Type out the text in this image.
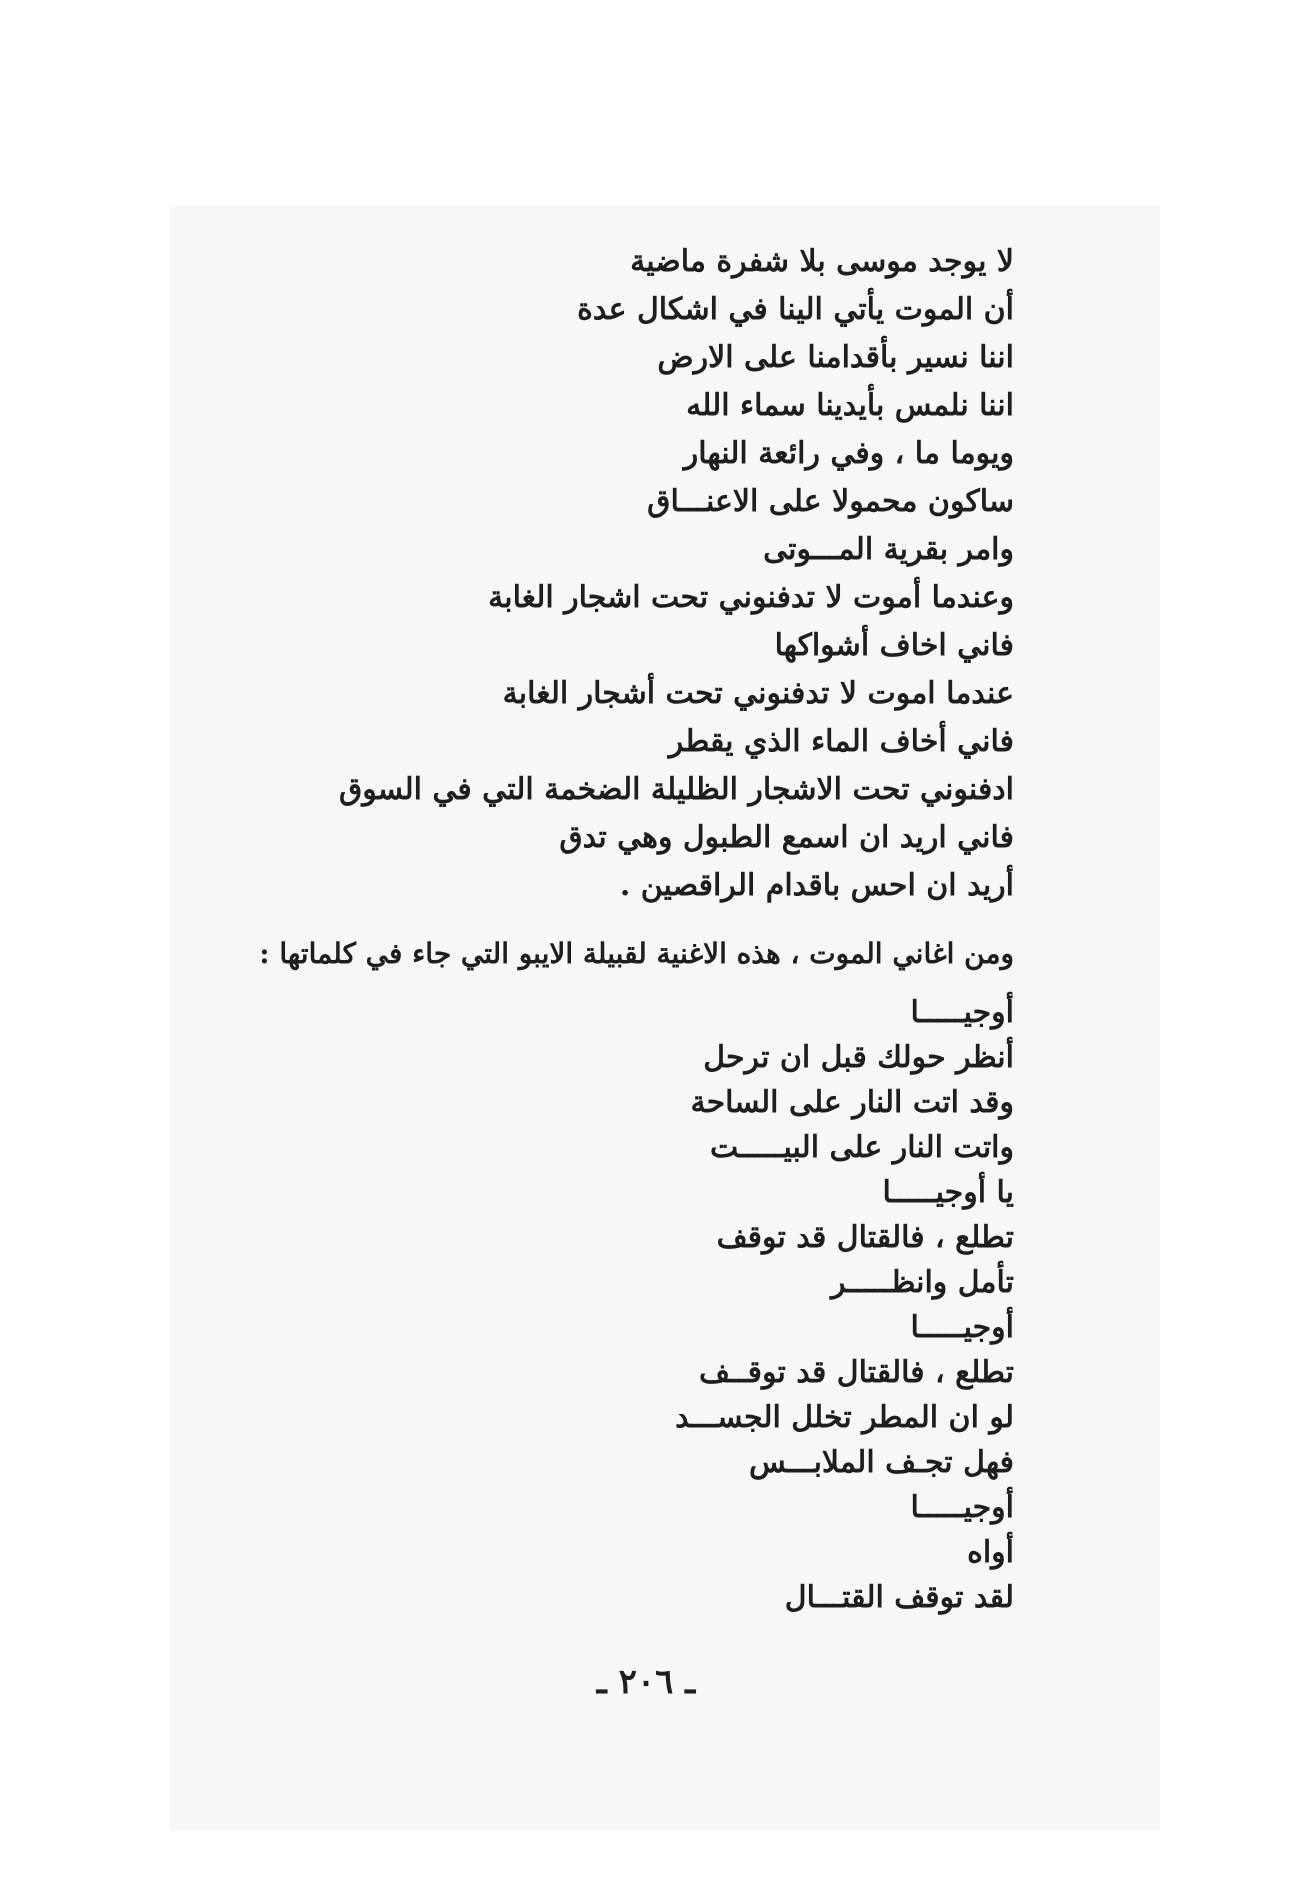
لا يوجد موسى بلا شفرة ماضية
أن الموت يأتي الينا في اشكال عدة
اننا نسير بأقدامنا على الارض
اننا نلمس بأيدينا سماء الله
ويوما ما ، وفي رائعة النهار
ساكون محمولا على الاعنـــاق
وامر بقرية المـــوتى
وعندما أموت لا تدفنوني تحت اشجار الغابة
فاني اخاف أشواكها
عندما اموت لا تدفنوني تحت أشجار الغابة
فاني أخاف الماء الذي يقطر
ادفنوني تحت الاشجار الظليلة الضخمة التي في السوق
فاني اريد ان اسمع الطبول وهي تدق
أريد ان احس باقدام الراقصين .

ومن اغاني الموت ، هذه الاغنية لقبيلة الايبو التي جاء في كلماتها :

أوجيـــــا
أنظر حولك قبل ان ترحل
وقد اتت النار على الساحة
واتت النار على البيـــــت
يا أوجيـــــا
تطلع ، فالقتال قد توقف
تأمل وانظـــــر
أوجيـــــا
تطلع ، فالقتال قد توقــف
لو ان المطر تخلل الجســـد
فهل تجـف الملابـــس
أوجيـــــا
أواه
لقد توقف القتـــال
ـ ٢٠٦ ـ
